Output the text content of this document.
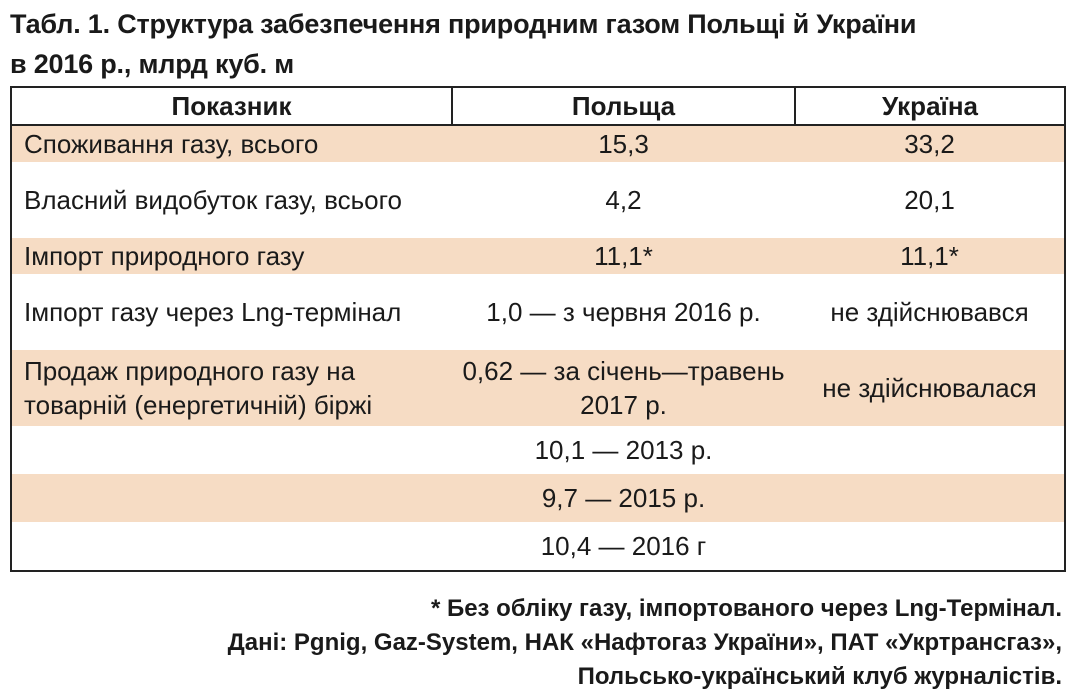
Табл. 1. Структура забезпечення природним газом Польщі й України
в 2016 р., млрд куб. м
Показник	Польща	Україна
Споживання газу, всього	15,3	33,2
Власний видобуток газу, всього	4,2	20,1
Імпорт природного газу	11,1*	11,1*
Імпорт газу через Lng-термінал	1,0 — з червня 2016 р.	не здійснювався
Продаж природного газу на товарній (енергетичній) біржі	0,62 — за січень—травень 2017 р.	не здійснювалася
	10,1 — 2013 р.	
	9,7 — 2015 р.	
	10,4 — 2016 г	
* Без обліку газу, імпортованого через Lng-Термінал.
Дані: Pgnig, Gaz-System, НАК «Нафтогаз України», ПАТ «Укртрансгаз»,
Польсько-український клуб журналістів.
